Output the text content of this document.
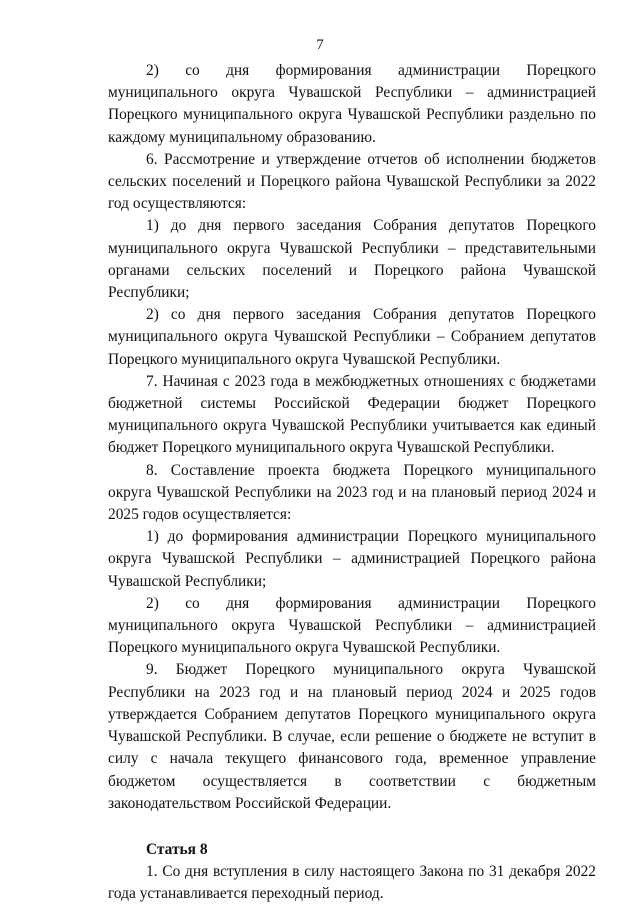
7

2) со дня формирования администрации Порецкого муниципального округа Чувашской Республики – администрацией Порецкого муниципального округа Чувашской Республики раздельно по каждому муниципальному образованию.

6. Рассмотрение и утверждение отчетов об исполнении бюджетов сельских поселений и Порецкого района Чувашской Республики за 2022 год осуществляются:

1) до дня первого заседания Собрания депутатов Порецкого муниципального округа Чувашской Республики – представительными органами сельских поселений и Порецкого района Чувашской Республики;

2) со дня первого заседания Собрания депутатов Порецкого муниципального округа Чувашской Республики – Собранием депутатов Порецкого муниципального округа Чувашской Республики.

7. Начиная с 2023 года в межбюджетных отношениях с бюджетами бюджетной системы Российской Федерации бюджет Порецкого муниципального округа Чувашской Республики учитывается как единый бюджет Порецкого муниципального округа Чувашской Республики.

8. Составление проекта бюджета Порецкого муниципального округа Чувашской Республики на 2023 год и на плановый период 2024 и 2025 годов осуществляется:

1) до формирования администрации Порецкого муниципального округа Чувашской Республики – администрацией Порецкого района Чувашской Республики;

2) со дня формирования администрации Порецкого муниципального округа Чувашской Республики – администрацией Порецкого муниципального округа Чувашской Республики.

9. Бюджет Порецкого муниципального округа Чувашской Республики на 2023 год и на плановый период 2024 и 2025 годов утверждается Собранием депутатов Порецкого муниципального округа Чувашской Республики. В случае, если решение о бюджете не вступит в силу с начала текущего финансового года, временное управление бюджетом осуществляется в соответствии с бюджетным законодательством Российской Федерации.

Статья 8

1. Со дня вступления в силу настоящего Закона по 31 декабря 2022 года устанавливается переходный период.
